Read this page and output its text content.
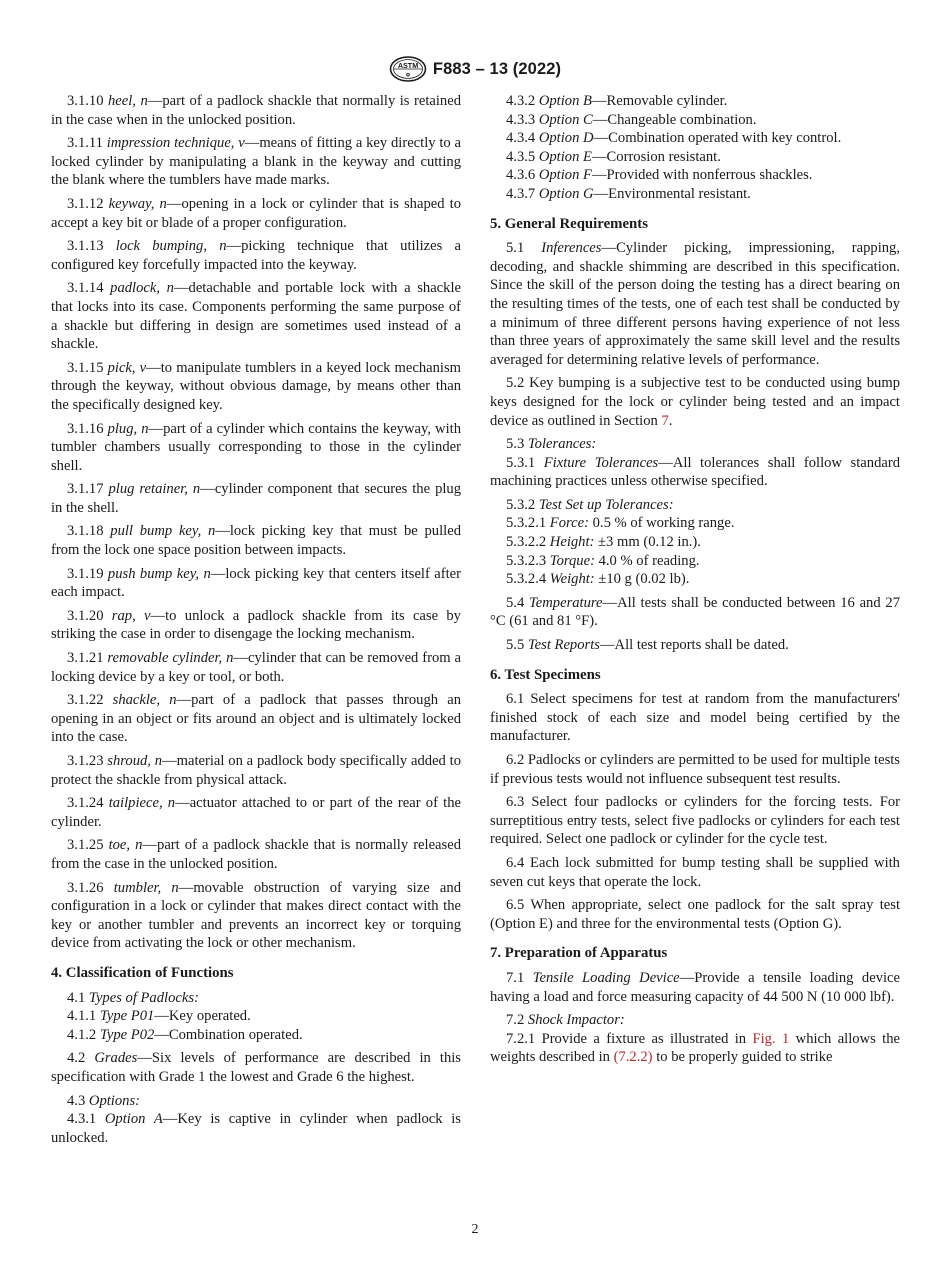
ASTM
⚙ F883 – 13 (2022)

3.1.10 heel, n—part of a padlock shackle that normally is retained in the case when in the unlocked position.

3.1.11 impression technique, v—means of fitting a key directly to a locked cylinder by manipulating a blank in the keyway and cutting the blank where the tumblers have made marks.

3.1.12 keyway, n—opening in a lock or cylinder that is shaped to accept a key bit or blade of a proper configuration.

3.1.13 lock bumping, n—picking technique that utilizes a configured key forcefully impacted into the keyway.

3.1.14 padlock, n—detachable and portable lock with a shackle that locks into its case. Components performing the same purpose of a shackle but differing in design are sometimes used instead of a shackle.

3.1.15 pick, v—to manipulate tumblers in a keyed lock mechanism through the keyway, without obvious damage, by means other than the specifically designed key.

3.1.16 plug, n—part of a cylinder which contains the keyway, with tumbler chambers usually corresponding to those in the cylinder shell.

3.1.17 plug retainer, n—cylinder component that secures the plug in the shell.

3.1.18 pull bump key, n—lock picking key that must be pulled from the lock one space position between impacts.

3.1.19 push bump key, n—lock picking key that centers itself after each impact.

3.1.20 rap, v—to unlock a padlock shackle from its case by striking the case in order to disengage the locking mechanism.

3.1.21 removable cylinder, n—cylinder that can be removed from a locking device by a key or tool, or both.

3.1.22 shackle, n—part of a padlock that passes through an opening in an object or fits around an object and is ultimately locked into the case.

3.1.23 shroud, n—material on a padlock body specifically added to protect the shackle from physical attack.

3.1.24 tailpiece, n—actuator attached to or part of the rear of the cylinder.

3.1.25 toe, n—part of a padlock shackle that is normally released from the case in the unlocked position.

3.1.26 tumbler, n—movable obstruction of varying size and configuration in a lock or cylinder that makes direct contact with the key or another tumbler and prevents an incorrect key or torquing device from activating the lock or other mechanism.

4. Classification of Functions

4.1 Types of Padlocks:

4.1.1 Type P01—Key operated.

4.1.2 Type P02—Combination operated.

4.2 Grades—Six levels of performance are described in this specification with Grade 1 the lowest and Grade 6 the highest.

4.3 Options:

4.3.1 Option A—Key is captive in cylinder when padlock is unlocked.

4.3.2 Option B—Removable cylinder.

4.3.3 Option C—Changeable combination.

4.3.4 Option D—Combination operated with key control.

4.3.5 Option E—Corrosion resistant.

4.3.6 Option F—Provided with nonferrous shackles.

4.3.7 Option G—Environmental resistant.

5. General Requirements

5.1 Inferences—Cylinder picking, impressioning, rapping, decoding, and shackle shimming are described in this specification. Since the skill of the person doing the testing has a direct bearing on the resulting times of the tests, one of each test shall be conducted by a minimum of three different persons having experience of not less than three years of approximately the same skill level and the results averaged for determining relative levels of performance.

5.2 Key bumping is a subjective test to be conducted using bump keys designed for the lock or cylinder being tested and an impact device as outlined in Section 7.

5.3 Tolerances:

5.3.1 Fixture Tolerances—All tolerances shall follow standard machining practices unless otherwise specified.

5.3.2 Test Set up Tolerances:

5.3.2.1 Force: 0.5 % of working range.

5.3.2.2 Height: ±3 mm (0.12 in.).

5.3.2.3 Torque: 4.0 % of reading.

5.3.2.4 Weight: ±10 g (0.02 lb).

5.4 Temperature—All tests shall be conducted between 16 and 27 °C (61 and 81 °F).

5.5 Test Reports—All test reports shall be dated.

6. Test Specimens

6.1 Select specimens for test at random from the manufacturers' finished stock of each size and model being certified by the manufacturer.

6.2 Padlocks or cylinders are permitted to be used for multiple tests if previous tests would not influence subsequent test results.

6.3 Select four padlocks or cylinders for the forcing tests. For surreptitious entry tests, select five padlocks or cylinders for each test required. Select one padlock or cylinder for the cycle test.

6.4 Each lock submitted for bump testing shall be supplied with seven cut keys that operate the lock.

6.5 When appropriate, select one padlock for the salt spray test (Option E) and three for the environmental tests (Option G).

7. Preparation of Apparatus

7.1 Tensile Loading Device—Provide a tensile loading device having a load and force measuring capacity of 44 500 N (10 000 lbf).

7.2 Shock Impactor:

7.2.1 Provide a fixture as illustrated in Fig. 1 which allows the weights described in (7.2.2) to be properly guided to strike

2
